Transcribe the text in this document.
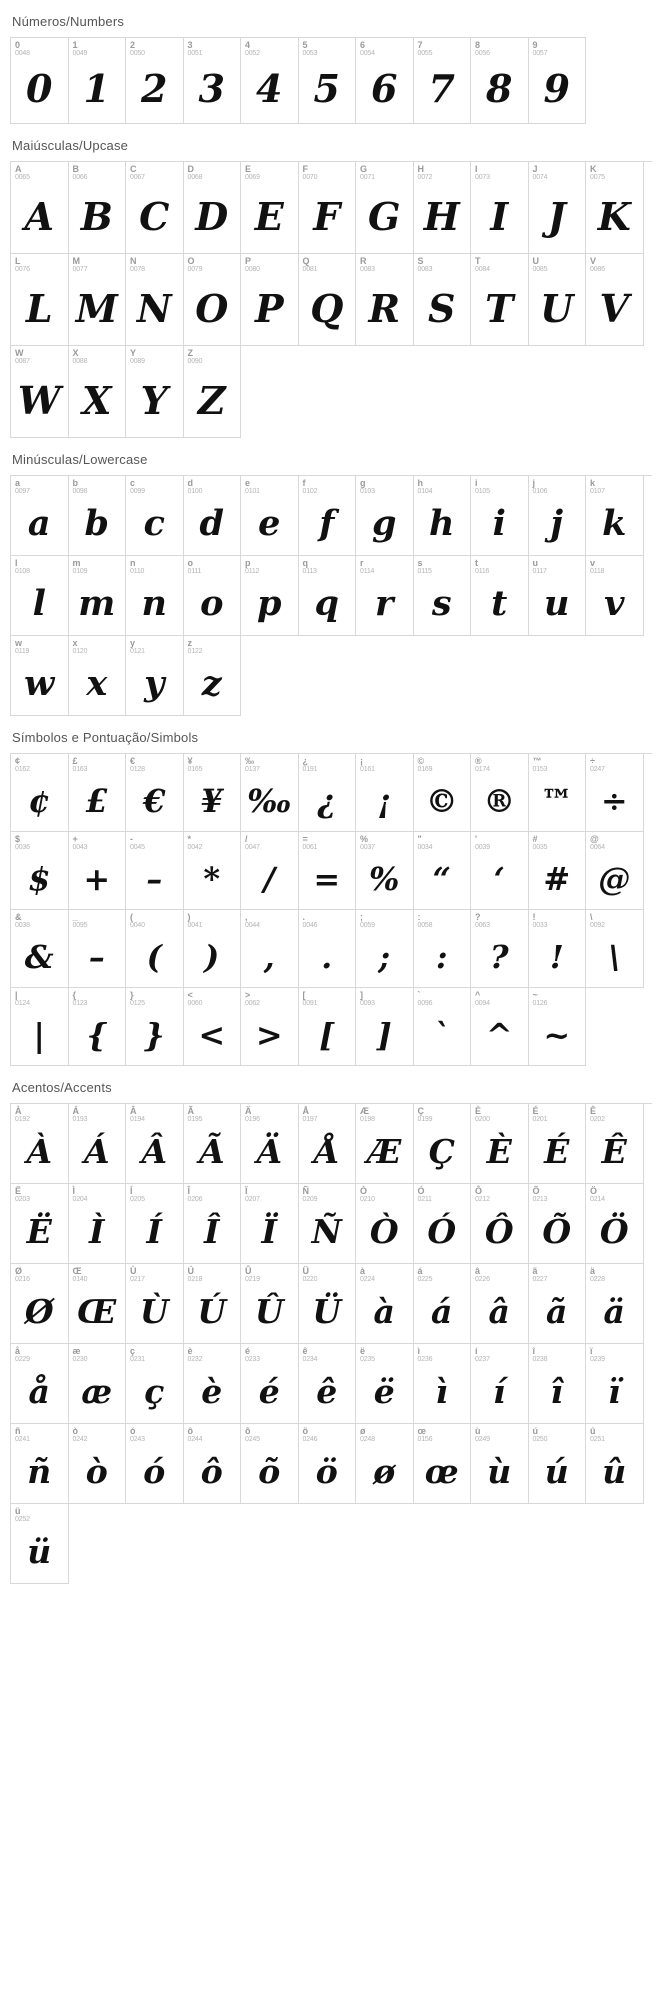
Números/Numbers
0
0048
0
1
0049
1
2
0050
2
3
0051
3
4
0052
4
5
0053
5
6
0054
6
7
0055
7
8
0056
8
9
0057
9
Maiúsculas/Upcase
A
0065
A
B
0066
B
C
0067
C
D
0068
D
E
0069
E
F
0070
F
G
0071
G
H
0072
H
I
0073
I
J
0074
J
K
0075
K
L
0076
L
M
0077
M
N
0078
N
O
0079
O
P
0080
P
Q
0081
Q
R
0083
R
S
0083
S
T
0084
T
U
0085
U
V
0086
V
W
0087
W
X
0088
X
Y
0089
Y
Z
0090
Z
Minúsculas/Lowercase
a
0097
a
b
0098
b
c
0099
c
d
0100
d
e
0101
e
f
0102
f
g
0103
g
h
0104
h
i
0105
i
j
0106
j
k
0107
k
l
0108
l
m
0109
m
n
0110
n
o
0111
o
p
0112
p
q
0113
q
r
0114
r
s
0115
s
t
0116
t
u
0117
u
v
0118
v
w
0119
w
x
0120
x
y
0121
y
z
0122
z
Símbolos e Pontuação/Simbols
¢
0162
¢
£
0163
£
€
0128
€
¥
0165
¥
‰
0137
‰
¿
0191
¿
¡
0161
¡
©
0169
©
®
0174
®
™
0153
™
÷
0247
÷
$
0036
$
+
0043
+
-
0045
–
*
0042
*
/
0047
/
=
0061
=
%
0037
%
"
0034
“
'
0039
‘
#
0035
#
@
0064
@
&
0038
&
_
0095
–
(
0040
(
)
0041
)
,
0044
,
.
0046
.
;
0059
;
:
0058
:
?
0063
?
!
0033
!
\
0092
\
|
0124
|
{
0123
{
}
0125
}
<
0060
<
>
0062
>
[
0091
[
]
0093
]
`
0096
`
^
0094
^
~
0126
~
Acentos/Accents
À
0192
À
Á
0193
Á
Â
0194
Â
Ã
0195
Ã
Ä
0196
Ä
Å
0197
Å
Æ
0198
Æ
Ç
0199
Ç
È
0200
È
É
0201
É
Ê
0202
Ê
Ë
0203
Ë
Ì
0204
Ì
Í
0205
Í
Î
0206
Î
Ï
0207
Ï
Ñ
0209
Ñ
Ò
0210
Ò
Ó
0211
Ó
Ô
0212
Ô
Õ
0213
Õ
Ö
0214
Ö
Ø
0216
Ø
Œ
0140
Œ
Ù
0217
Ù
Ú
0218
Ú
Û
0219
Û
Ü
0220
Ü
à
0224
à
á
0225
á
â
0226
â
ã
0227
ã
ä
0228
ä
å
0229
å
æ
0230
æ
ç
0231
ç
è
0232
è
é
0233
é
ê
0234
ê
ë
0235
ë
ì
0236
ì
í
0237
í
î
0238
î
ï
0239
ï
ñ
0241
ñ
ò
0242
ò
ó
0243
ó
ô
0244
ô
õ
0245
õ
ö
0246
ö
ø
0248
ø
œ
0156
œ
ù
0249
ù
ú
0250
ú
û
0251
û
ü
0252
ü
